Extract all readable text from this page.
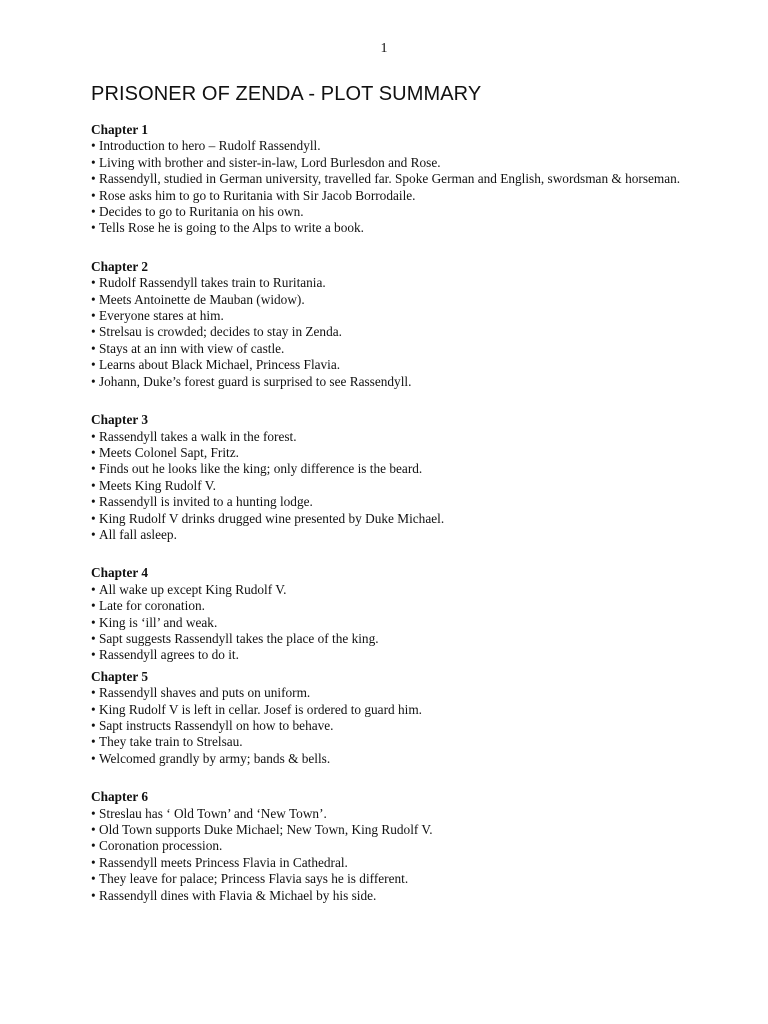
1
PRISONER OF ZENDA - PLOT SUMMARY
Chapter 1
• Introduction to hero – Rudolf Rassendyll.
• Living with brother and sister-in-law, Lord Burlesdon and Rose.
• Rassendyll, studied in German university, travelled far. Spoke German and English, swordsman & horseman.
• Rose asks him to go to Ruritania with Sir Jacob Borrodaile.
• Decides to go to Ruritania on his own.
• Tells Rose he is going to the Alps to write a book.
Chapter 2
• Rudolf Rassendyll takes train to Ruritania.
• Meets Antoinette de Mauban (widow).
• Everyone stares at him.
• Strelsau is crowded; decides to stay in Zenda.
• Stays at an inn with view of castle.
• Learns about Black Michael, Princess Flavia.
• Johann, Duke’s forest guard is surprised to see Rassendyll.
Chapter 3
• Rassendyll takes a walk in the forest.
• Meets Colonel Sapt, Fritz.
• Finds out he looks like the king; only difference is the beard.
• Meets King Rudolf V.
• Rassendyll is invited to a hunting lodge.
• King Rudolf V drinks drugged wine presented by Duke Michael.
• All fall asleep.
Chapter 4
• All wake up except King Rudolf V.
• Late for coronation.
• King is ‘ill’ and weak.
• Sapt suggests Rassendyll takes the place of the king.
• Rassendyll agrees to do it.
Chapter 5
• Rassendyll shaves and puts on uniform.
• King Rudolf V is left in cellar. Josef is ordered to guard him.
• Sapt instructs Rassendyll on how to behave.
• They take train to Strelsau.
• Welcomed grandly by army; bands & bells.
Chapter 6
• Streslau has ‘ Old Town’ and ‘New Town’.
• Old Town supports Duke Michael; New Town, King Rudolf V.
• Coronation procession.
• Rassendyll meets Princess Flavia in Cathedral.
• They leave for palace; Princess Flavia says he is different.
• Rassendyll dines with Flavia & Michael by his side.
